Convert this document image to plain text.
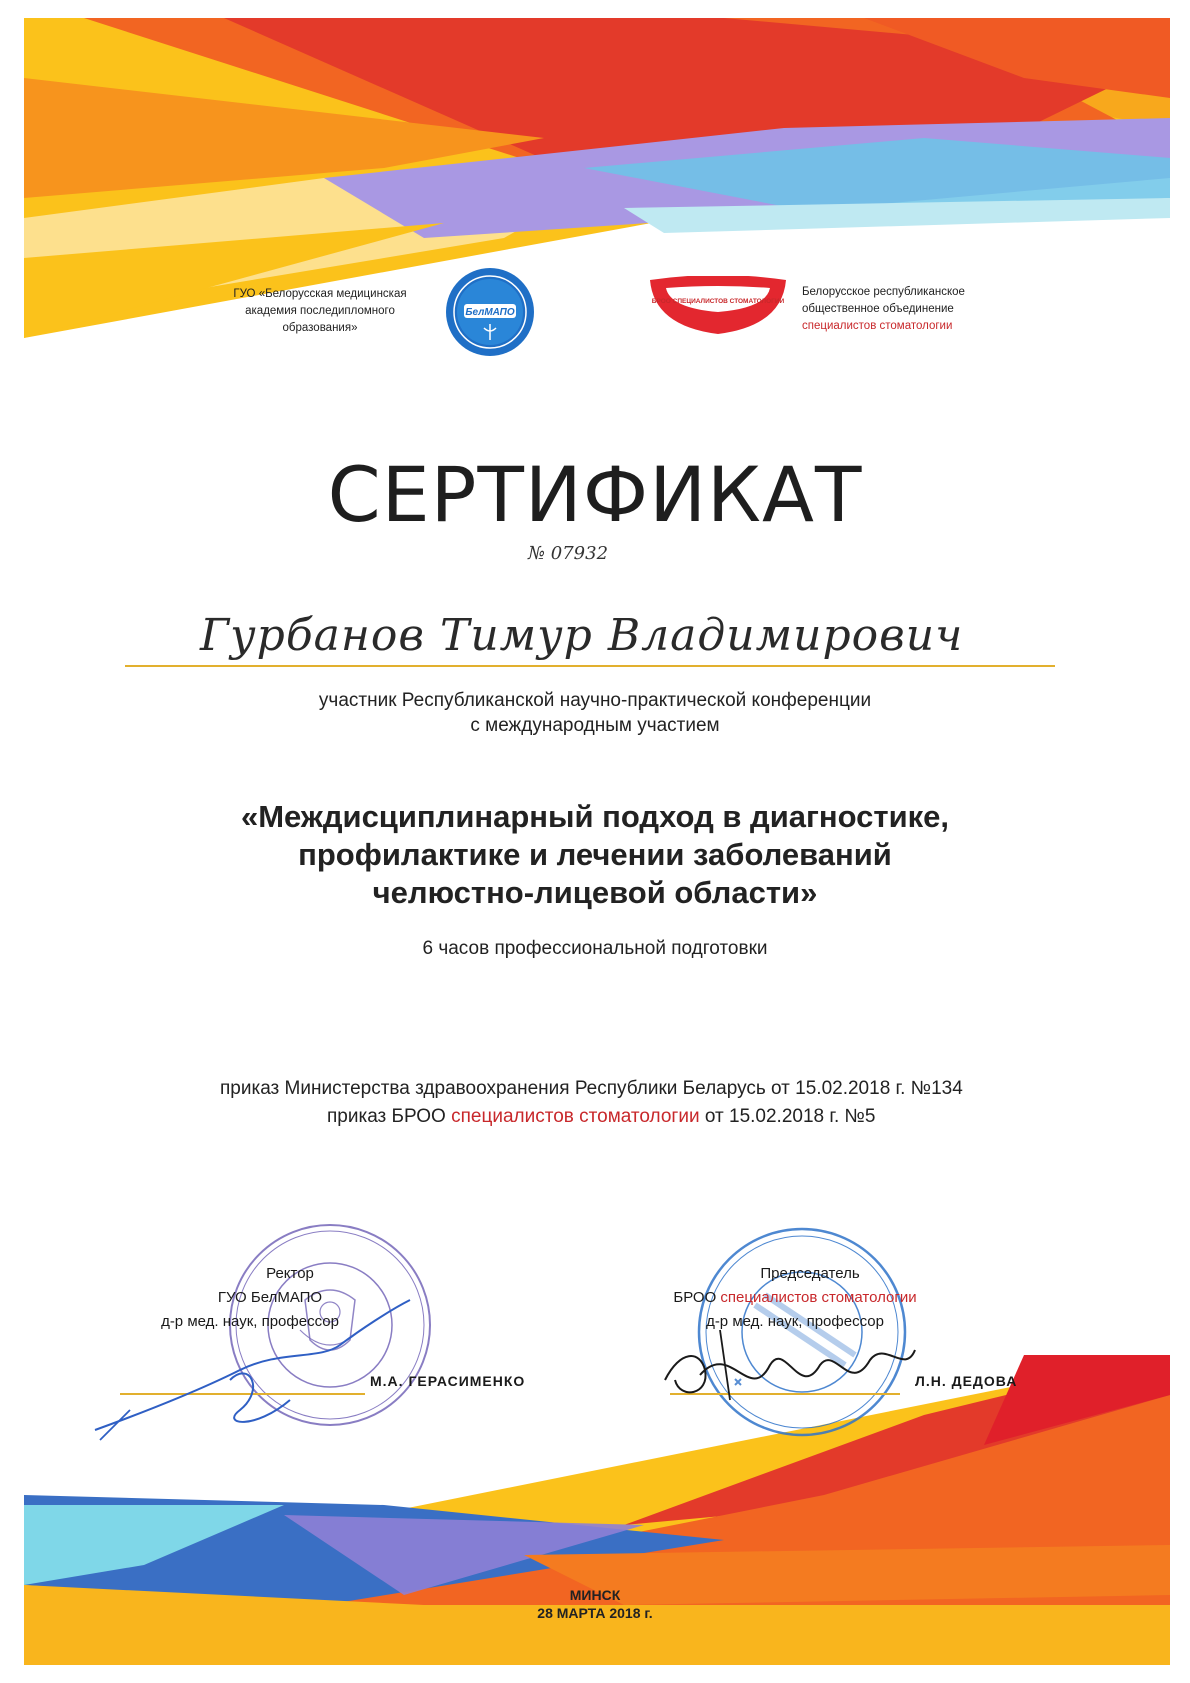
ГУО «Белорусская медицинская академия последипломного образования»
БелМАПО
БРОО СПЕЦИАЛИСТОВ СТОМАТОЛОГИИ
Белорусское республиканское
общественное объединение
специалистов стоматологии
СЕРТИФИКАТ
№ 07932
Гурбанов Тимур Владимирович
участник Республиканской научно-практической конференции
с международным участием
«Междисциплинарный подход в диагностике,
профилактике и лечении заболеваний
челюстно-лицевой области»
6 часов профессиональной подготовки
приказ Министерства здравоохранения Республики Беларусь от 15.02.2018 г. №134
приказ БРОО специалистов стоматологии от 15.02.2018 г. №5
Ректор
ГУО БелМАПО
д-р мед. наук, профессор
М.А. ГЕРАСИМЕНКО
Председатель
БРОО специалистов стоматологии
д-р мед. наук, профессор
Л.Н. ДЕДОВА
МИНСК
28 МАРТА 2018 г.
